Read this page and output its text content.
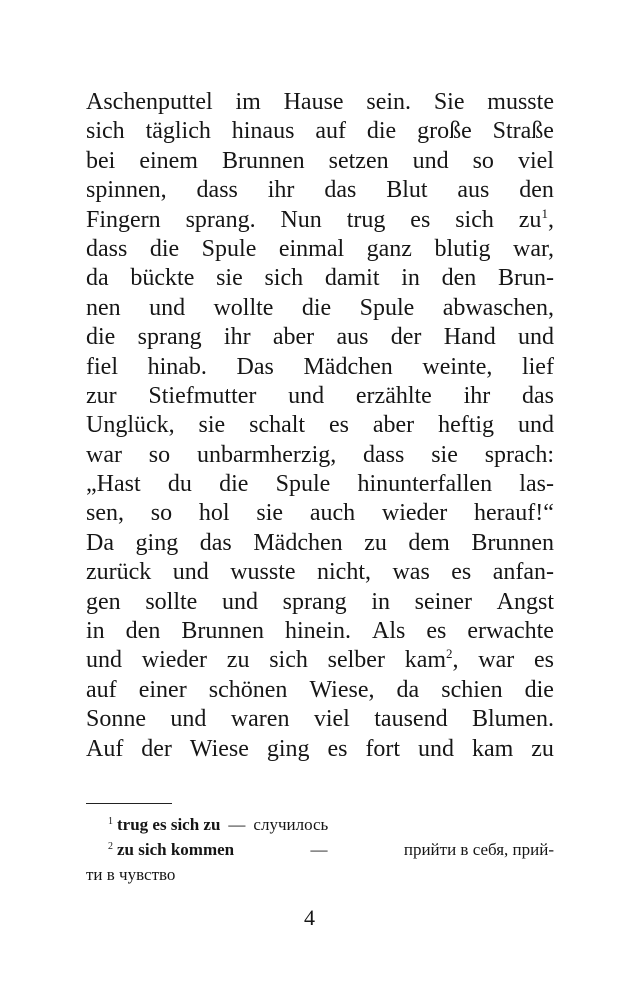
Aschenputtel im Hause sein. Sie musste
sich täglich hinaus auf die große Straße
bei einem Brunnen setzen und so viel
spinnen, dass ihr das Blut aus den
Fingern sprang. Nun trug es sich $zu^1$,
dass die Spule einmal ganz blutig war,
da bückte sie sich damit in den Brun-
nen und wollte die Spule abwaschen,
die sprang ihr aber aus der Hand und
fiel hinab. Das Mädchen weinte, lief
zur Stiefmutter und erzählte ihr das
Unglück, sie schalt es aber heftig und
war so unbarmherzig, dass sie sprach:
„Hast du die Spule hinunterfallen las-
sen, so hol sie auch wieder herauf!“
Da ging das Mädchen zu dem Brunnen
zurück und wusste nicht, was es anfan-
gen sollte und sprang in seiner Angst
in den Brunnen hinein. Als es erwachte
und wieder zu sich selber kam$^2$, war es
auf einer schönen Wiese, da schien die
Sonne und waren viel tausend Blumen.
Auf der Wiese ging es fort und kam zu
$^1$ trug es sich zu — случилось
$^2$ zu sich kommen	—	прийти в себя, прий-
ти в чувство
4
